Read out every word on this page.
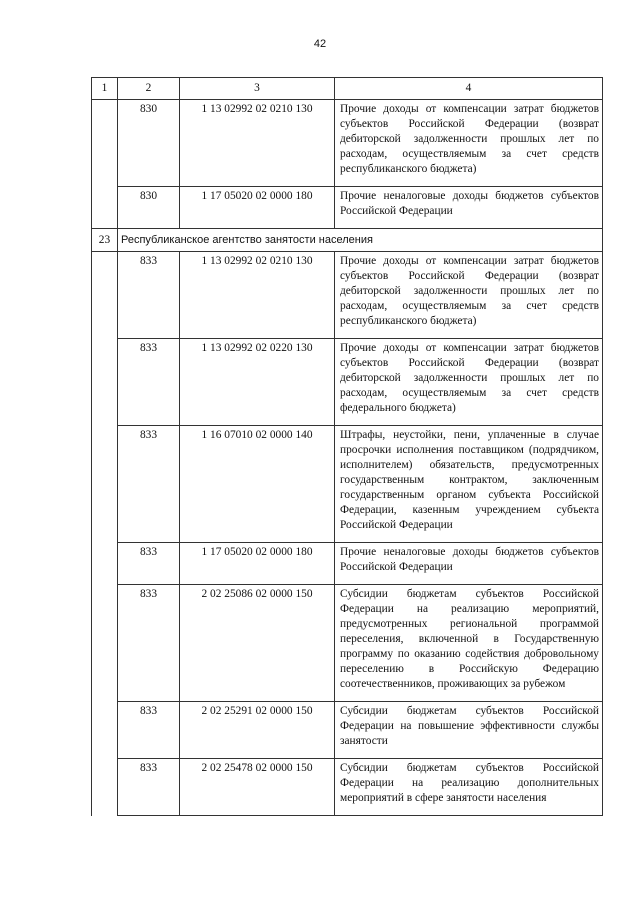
42
1	2	3	4
	830	1 13 02992 02 0210 130	Прочие доходы от компенсации затрат бюджетов субъектов Российской Федерации (возврат дебиторской задолженности прошлых лет по расходам, осуществляемым за счет средств республиканского бюджета)
	830	1 17 05020 02 0000 180	Прочие неналоговые доходы бюджетов субъектов Российской Федерации
23	Республиканское агентство занятости населения		
	833	1 13 02992 02 0210 130	Прочие доходы от компенсации затрат бюджетов субъектов Российской Федерации (возврат дебиторской задолженности прошлых лет по расходам, осуществляемым за счет средств республиканского бюджета)
	833	1 13 02992 02 0220 130	Прочие доходы от компенсации затрат бюджетов субъектов Российской Федерации (возврат дебиторской задолженности прошлых лет по расходам, осуществляемым за счет средств федерального бюджета)
	833	1 16 07010 02 0000 140	Штрафы, неустойки, пени, уплаченные в случае просрочки исполнения поставщиком (подрядчиком, исполнителем) обязательств, предусмотренных государственным контрактом, заключенным государственным органом субъекта Российской Федерации, казенным учреждением субъекта Российской Федерации
	833	1 17 05020 02 0000 180	Прочие неналоговые доходы бюджетов субъектов Российской Федерации
	833	2 02 25086 02 0000 150	Субсидии бюджетам субъектов Российской Федерации на реализацию мероприятий, предусмотренных региональной программой переселения, включенной в Государственную программу по оказанию содействия добровольному переселению в Российскую Федерацию соотечественников, проживающих за рубежом
	833	2 02 25291 02 0000 150	Субсидии бюджетам субъектов Российской Федерации на повышение эффективности службы занятости
	833	2 02 25478 02 0000 150	Субсидии бюджетам субъектов Российской Федерации на реализацию дополнительных мероприятий в сфере занятости населения
